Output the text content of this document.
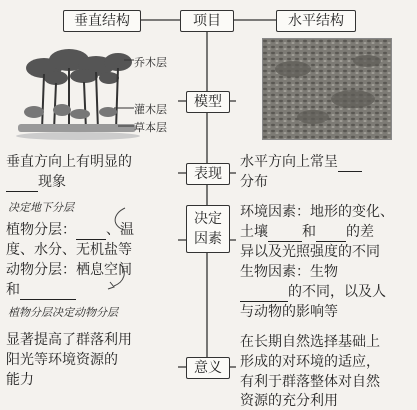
垂直结构	项目	水平结构
乔木层
灌木层
草本层
模型
表现
决定
因素
意义
垂直方向上有明显的
现象
决定地下分层
植物分层： 、温
度、水分、无机盐等
动物分层：栖息空间
和
植物分层决定动物分层
显著提高了群落利用
阳光等环境资源的
能力
水平方向上常呈
分布
环境因素：地形的变化、
土壤 和 的差
异以及光照强度的不同
生物因素：生物
的不同，以及人
与动物的影响等
在长期自然选择基础上
形成的对环境的适应，
有利于群落整体对自然
资源的充分利用
